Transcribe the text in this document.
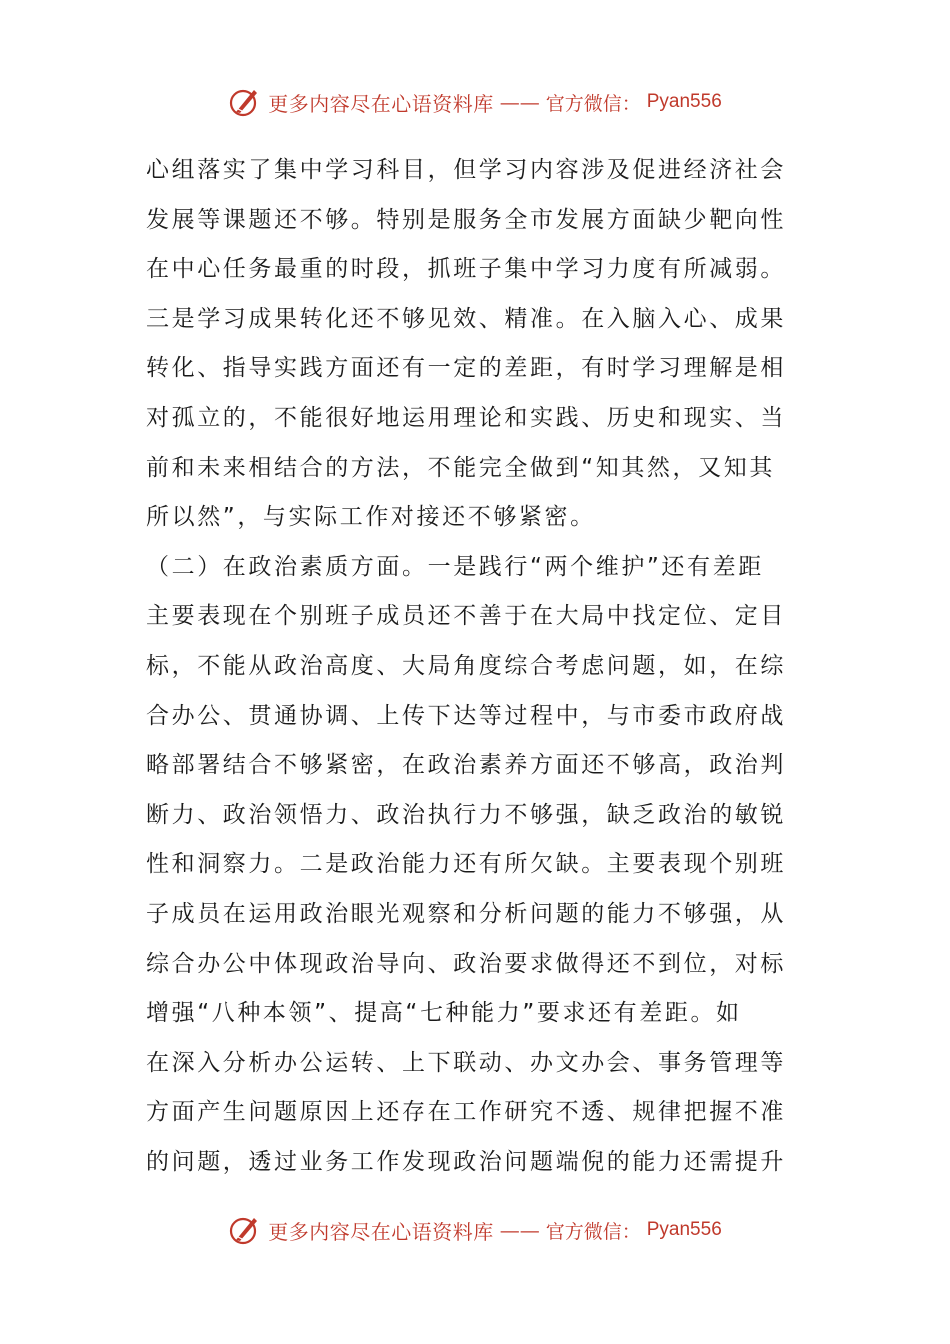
更多内容尽在心语资料库 —— 官方微信： Pyan556
心组落实了集中学习科目，但学习内容涉及促进经济社会
发展等课题还不够。特别是服务全市发展方面缺少靶向性
在中心任务最重的时段，抓班子集中学习力度有所减弱。
三是学习成果转化还不够见效、精准。在入脑入心、成果
转化、指导实践方面还有一定的差距，有时学习理解是相
对孤立的，不能很好地运用理论和实践、历史和现实、当
前和未来相结合的方法，不能完全做到“知其然，又知其
所以然”，与实际工作对接还不够紧密。
（二）在政治素质方面。一是践行“两个维护”还有差距
主要表现在个别班子成员还不善于在大局中找定位、定目
标，不能从政治高度、大局角度综合考虑问题，如，在综
合办公、贯通协调、上传下达等过程中，与市委市政府战
略部署结合不够紧密，在政治素养方面还不够高，政治判
断力、政治领悟力、政治执行力不够强，缺乏政治的敏锐
性和洞察力。二是政治能力还有所欠缺。主要表现个别班
子成员在运用政治眼光观察和分析问题的能力不够强，从
综合办公中体现政治导向、政治要求做得还不到位，对标
增强“八种本领”、提高“七种能力”要求还有差距。如
在深入分析办公运转、上下联动、办文办会、事务管理等
方面产生问题原因上还存在工作研究不透、规律把握不准
的问题，透过业务工作发现政治问题端倪的能力还需提升
更多内容尽在心语资料库 —— 官方微信： Pyan556
